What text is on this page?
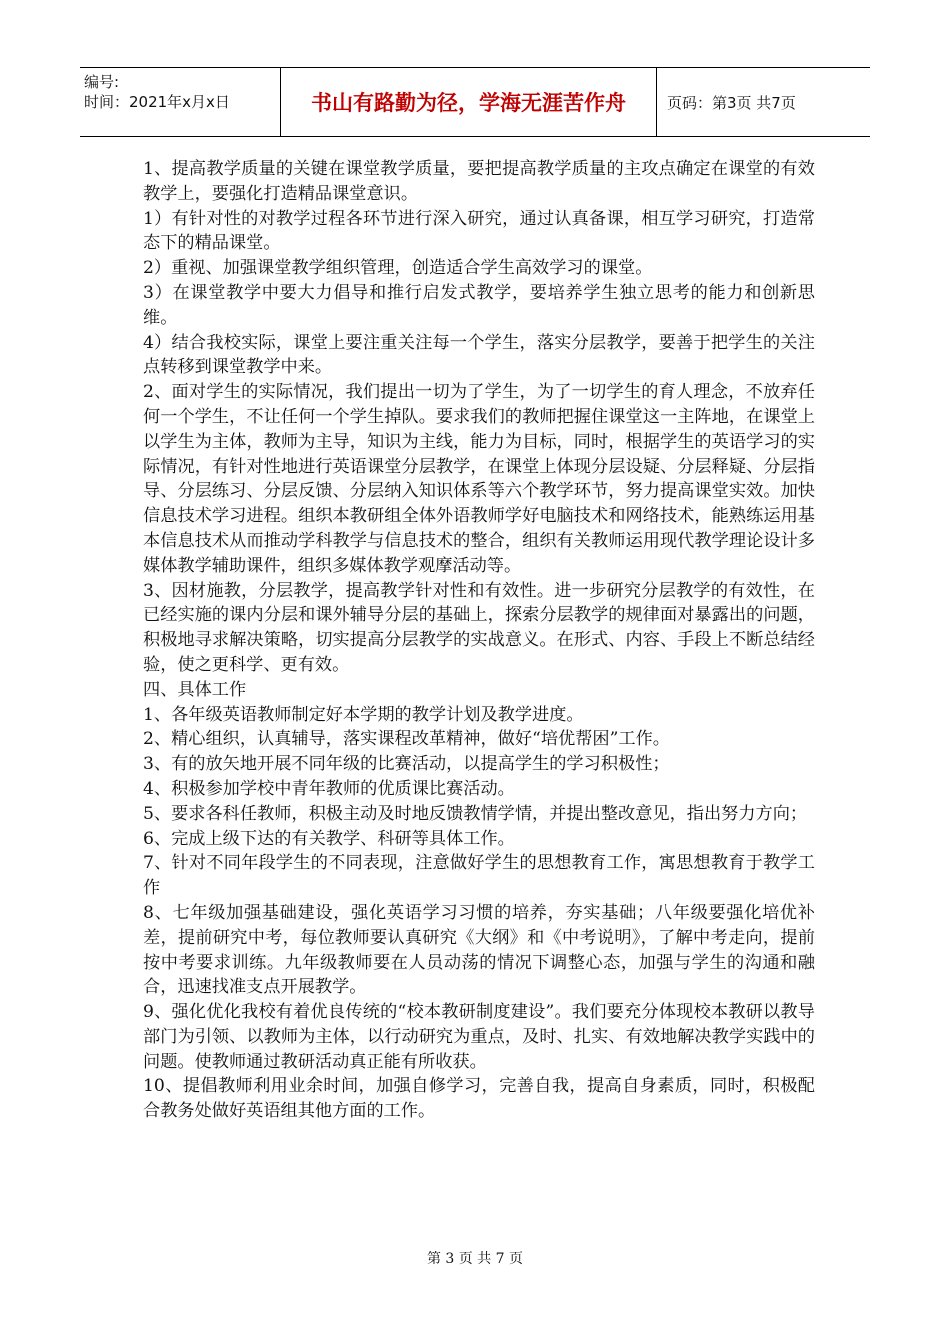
编号:
时间：2021年x月x日	书山有路勤为径，学海无涯苦作舟	页码：第3页 共7页

1、提高教学质量的关键在课堂教学质量，要把提高教学质量的主攻点确定在课堂的有效教学上，要强化打造精品课堂意识。

1）有针对性的对教学过程各环节进行深入研究，通过认真备课，相互学习研究，打造常态下的精品课堂。

2）重视、加强课堂教学组织管理，创造适合学生高效学习的课堂。

3）在课堂教学中要大力倡导和推行启发式教学，要培养学生独立思考的能力和创新思维。

4）结合我校实际，课堂上要注重关注每一个学生，落实分层教学，要善于把学生的关注点转移到课堂教学中来。

2、面对学生的实际情况，我们提出一切为了学生，为了一切学生的育人理念，不放弃任何一个学生，不让任何一个学生掉队。要求我们的教师把握住课堂这一主阵地，在课堂上以学生为主体，教师为主导，知识为主线，能力为目标，同时，根据学生的英语学习的实际情况，有针对性地进行英语课堂分层教学，在课堂上体现分层设疑、分层释疑、分层指导、分层练习、分层反馈、分层纳入知识体系等六个教学环节，努力提高课堂实效。加快信息技术学习进程。组织本教研组全体外语教师学好电脑技术和网络技术，能熟练运用基本信息技术从而推动学科教学与信息技术的整合，组织有关教师运用现代教学理论设计多媒体教学辅助课件，组织多媒体教学观摩活动等。

3、因材施教，分层教学，提高教学针对性和有效性。进一步研究分层教学的有效性，在已经实施的课内分层和课外辅导分层的基础上，探索分层教学的规律面对暴露出的问题，积极地寻求解决策略，切实提高分层教学的实战意义。在形式、内容、手段上不断总结经验，使之更科学、更有效。

四、具体工作

1、各年级英语教师制定好本学期的教学计划及教学进度。

2、精心组织，认真辅导，落实课程改革精神，做好“培优帮困”工作。

3、有的放矢地开展不同年级的比赛活动，以提高学生的学习积极性；

4、积极参加学校中青年教师的优质课比赛活动。

5、要求各科任教师，积极主动及时地反馈教情学情，并提出整改意见，指出努力方向；

6、完成上级下达的有关教学、科研等具体工作。

7、针对不同年段学生的不同表现，注意做好学生的思想教育工作，寓思想教育于教学工作

8、七年级加强基础建设，强化英语学习习惯的培养，夯实基础；八年级要强化培优补差，提前研究中考，每位教师要认真研究《大纲》和《中考说明》，了解中考走向，提前按中考要求训练。九年级教师要在人员动荡的情况下调整心态，加强与学生的沟通和融合，迅速找准支点开展教学。

9、强化优化我校有着优良传统的“校本教研制度建设”。我们要充分体现校本教研以教导部门为引领、以教师为主体，以行动研究为重点，及时、扎实、有效地解决教学实践中的问题。使教师通过教研活动真正能有所收获。

10、提倡教师利用业余时间，加强自修学习，完善自我，提高自身素质，同时，积极配合教务处做好英语组其他方面的工作。

第 3 页 共 7 页
